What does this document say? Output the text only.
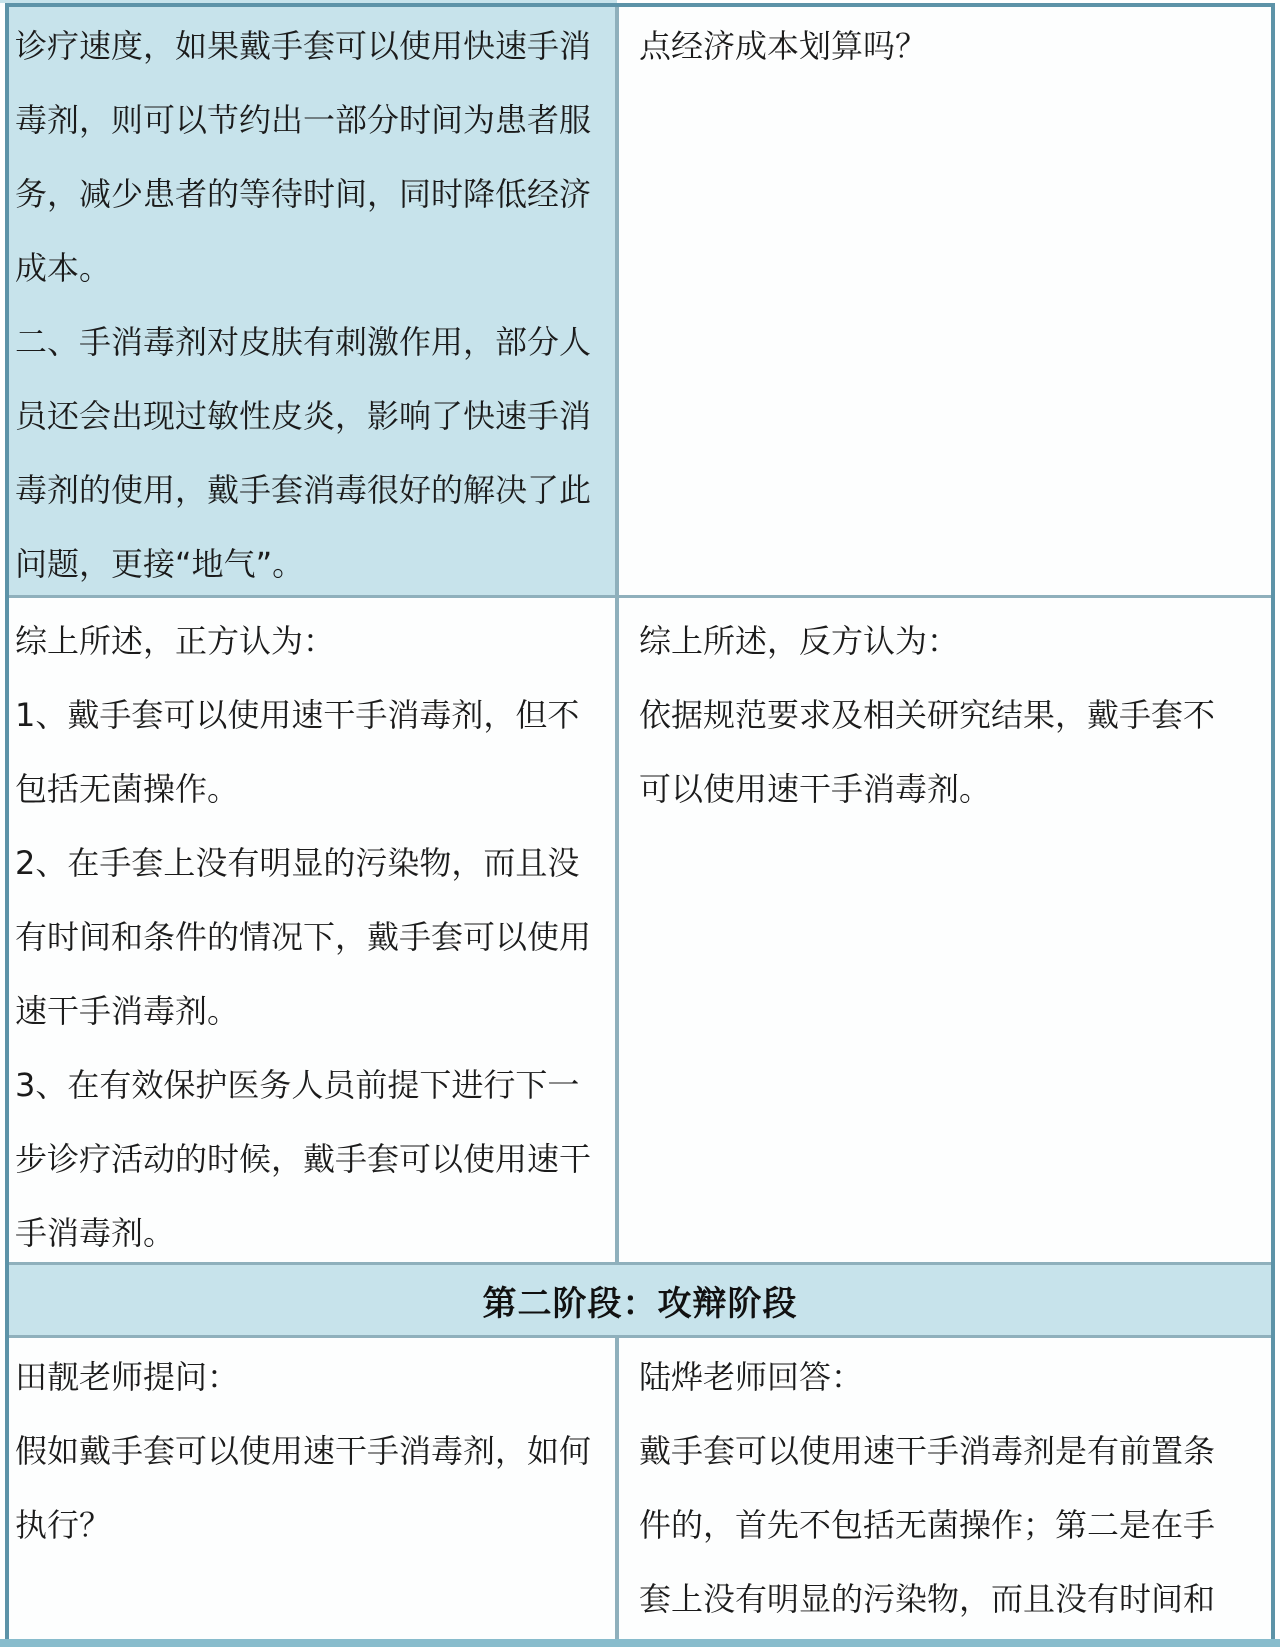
诊疗速度，如果戴手套可以使用快速手消毒剂，则可以节约出一部分时间为患者服务，减少患者的等待时间，同时降低经济成本。

二、手消毒剂对皮肤有刺激作用，部分人员还会出现过敏性皮炎，影响了快速手消毒剂的使用，戴手套消毒很好的解决了此问题，更接“地气”。

点经济成本划算吗？

综上所述，正方认为：

1、戴手套可以使用速干手消毒剂，但不包括无菌操作。

2、在手套上没有明显的污染物，而且没有时间和条件的情况下，戴手套可以使用速干手消毒剂。

3、在有效保护医务人员前提下进行下一步诊疗活动的时候，戴手套可以使用速干手消毒剂。

综上所述，反方认为：

依据规范要求及相关研究结果，戴手套不可以使用速干手消毒剂。

第二阶段：攻辩阶段

田靓老师提问：

假如戴手套可以使用速干手消毒剂，如何执行？

陆烨老师回答：

戴手套可以使用速干手消毒剂是有前置条件的，首先不包括无菌操作；第二是在手套上没有明显的污染物，而且没有时间和
